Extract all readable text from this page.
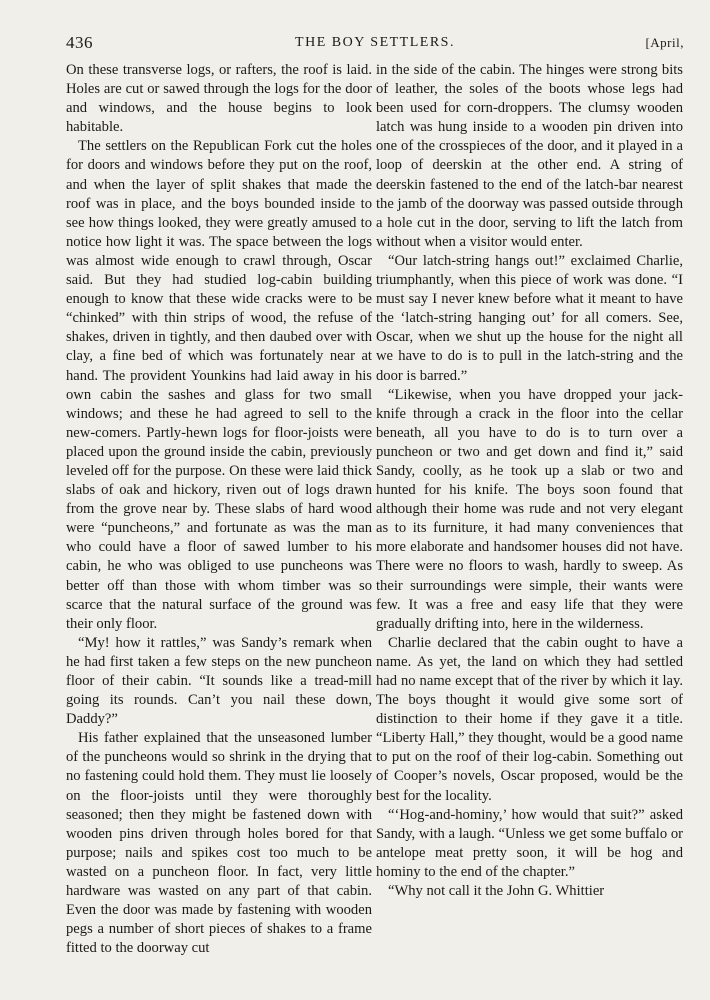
436	THE BOY SETTLERS.	[April,

On these transverse logs, or rafters, the roof is laid. Holes are cut or sawed through the logs for the door and windows, and the house begins to look habitable.

The settlers on the Republican Fork cut the holes for doors and windows before they put on the roof, and when the layer of split shakes that made the roof was in place, and the boys bounded inside to see how things looked, they were greatly amused to notice how light it was. The space between the logs was almost wide enough to crawl through, Oscar said. But they had studied log-cabin building enough to know that these wide cracks were to be “chinked” with thin strips of wood, the refuse of shakes, driven in tightly, and then daubed over with clay, a fine bed of which was fortunately near at hand. The provident Younkins had laid away in his own cabin the sashes and glass for two small windows; and these he had agreed to sell to the new-comers. Partly-hewn logs for floor-joists were placed upon the ground inside the cabin, previously leveled off for the purpose. On these were laid thick slabs of oak and hickory, riven out of logs drawn from the grove near by. These slabs of hard wood were “puncheons,” and fortunate as was the man who could have a floor of sawed lumber to his cabin, he who was obliged to use puncheons was better off than those with whom timber was so scarce that the natural surface of the ground was their only floor.

“My! how it rattles,” was Sandy’s remark when he had first taken a few steps on the new puncheon floor of their cabin. “It sounds like a tread-mill going its rounds. Can’t you nail these down, Daddy?”

His father explained that the unseasoned lumber of the puncheons would so shrink in the drying that no fastening could hold them. They must lie loosely on the floor-joists until they were thoroughly seasoned; then they might be fastened down with wooden pins driven through holes bored for that purpose; nails and spikes cost too much to be wasted on a puncheon floor. In fact, very little hardware was wasted on any part of that cabin. Even the door was made by fastening with wooden pegs a number of short pieces of shakes to a frame fitted to the doorway cut

in the side of the cabin. The hinges were strong bits of leather, the soles of the boots whose legs had been used for corn-droppers. The clumsy wooden latch was hung inside to a wooden pin driven into one of the crosspieces of the door, and it played in a loop of deerskin at the other end. A string of deerskin fastened to the end of the latch-bar nearest the jamb of the doorway was passed outside through a hole cut in the door, serving to lift the latch from without when a visitor would enter.

“Our latch-string hangs out!” exclaimed Charlie, triumphantly, when this piece of work was done. “I must say I never knew before what it meant to have the ‘latch-string hanging out’ for all comers. See, Oscar, when we shut up the house for the night all we have to do is to pull in the latch-string and the door is barred.”

“Likewise, when you have dropped your jack-knife through a crack in the floor into the cellar beneath, all you have to do is to turn over a puncheon or two and get down and find it,” said Sandy, coolly, as he took up a slab or two and hunted for his knife. The boys soon found that although their home was rude and not very elegant as to its furniture, it had many conveniences that more elaborate and handsomer houses did not have. There were no floors to wash, hardly to sweep. As their surroundings were simple, their wants were few. It was a free and easy life that they were gradually drifting into, here in the wilderness.

Charlie declared that the cabin ought to have a name. As yet, the land on which they had settled had no name except that of the river by which it lay. The boys thought it would give some sort of distinction to their home if they gave it a title. “Liberty Hall,” they thought, would be a good name to put on the roof of their log-cabin. Something out of Cooper’s novels, Oscar proposed, would be the best for the locality.

“‘Hog-and-hominy,’ how would that suit?” asked Sandy, with a laugh. “Unless we get some buffalo or antelope meat pretty soon, it will be hog and hominy to the end of the chapter.”

“Why not call it the John G. Whittier
